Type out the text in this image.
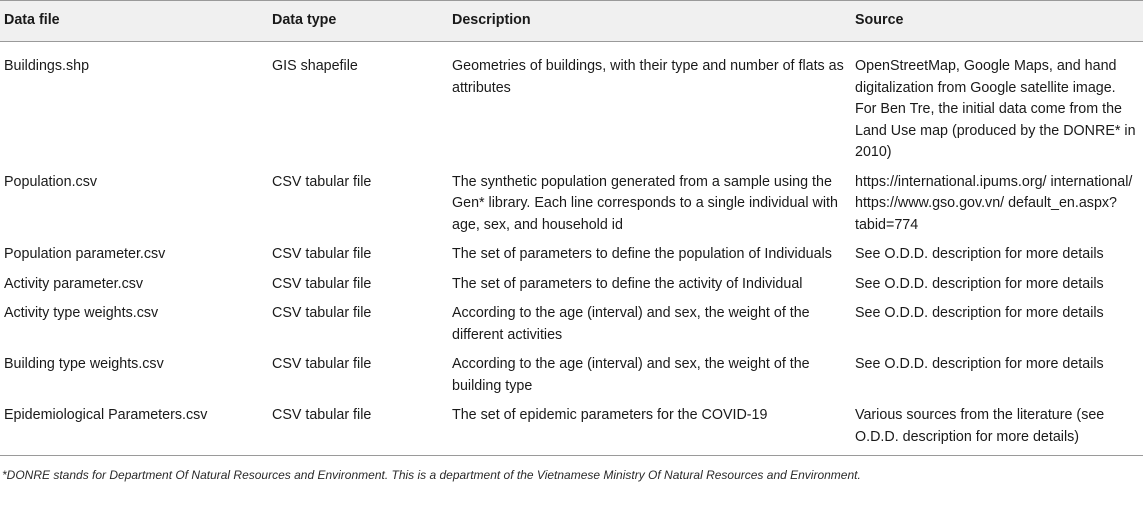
Data file	Data type	Description	Source
Buildings.shp	GIS shapefile	Geometries of buildings, with their type and number of flats as attributes	OpenStreetMap, Google Maps, and hand digitalization from Google satellite image. For Ben Tre, the initial data come from the Land Use map (produced by the DONRE* in 2010)
Population.csv	CSV tabular file	The synthetic population generated from a sample using the Gen* library. Each line corresponds to a single individual with age, sex, and household id	https://international.ipums.org/ international/ https://www.gso.gov.vn/ default_en.aspx?tabid=774
Population parameter.csv	CSV tabular file	The set of parameters to define the population of Individuals	See O.D.D. description for more details
Activity parameter.csv	CSV tabular file	The set of parameters to define the activity of Individual	See O.D.D. description for more details
Activity type weights.csv	CSV tabular file	According to the age (interval) and sex, the weight of the different activities	See O.D.D. description for more details
Building type weights.csv	CSV tabular file	According to the age (interval) and sex, the weight of the building type	See O.D.D. description for more details
Epidemiological Parameters.csv	CSV tabular file	The set of epidemic parameters for the COVID-19	Various sources from the literature (see O.D.D. description for more details)
*DONRE stands for Department Of Natural Resources and Environment. This is a department of the Vietnamese Ministry Of Natural Resources and Environment.
